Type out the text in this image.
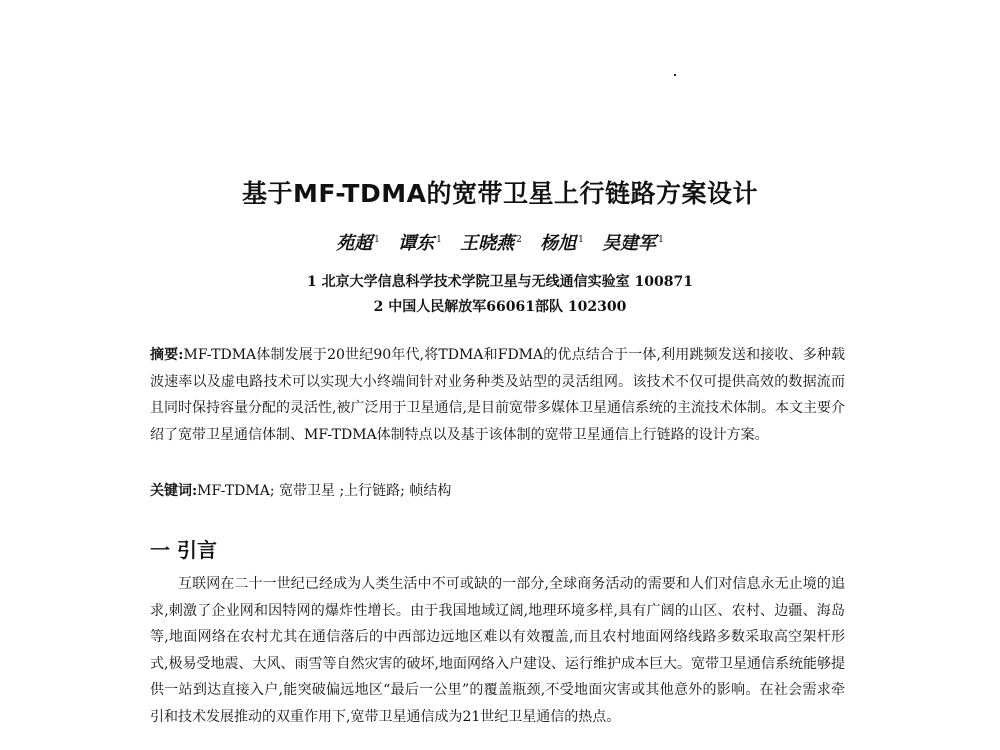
基于MF-TDMA的宽带卫星上行链路方案设计
苑超 $^1$ 谭东 $^1$ 王晓燕 $^2$ 杨旭 $^1$ 吴建军 $^1$
1 北京大学信息科学技术学院卫星与无线通信实验室 100871
2 中国人民解放军66061部队 102300
摘要:MF-TDMA体制发展于20世纪90年代,将TDMA和FDMA的优点结合于一体,利用跳频发送和接收、多种载波速率以及虚电路技术可以实现大小终端间针对业务种类及站型的灵活组网。该技术不仅可提供高效的数据流而且同时保持容量分配的灵活性,被广泛用于卫星通信,是目前宽带多媒体卫星通信系统的主流技术体制。本文主要介绍了宽带卫星通信体制、MF-TDMA体制特点以及基于该体制的宽带卫星通信上行链路的设计方案。
关键词:MF-TDMA; 宽带卫星 ;上行链路; 帧结构
一 引言
互联网在二十一世纪已经成为人类生活中不可或缺的一部分,全球商务活动的需要和人们对信息永无止境的追求,刺激了企业网和因特网的爆炸性增长。由于我国地域辽阔,地理环境多样,具有广阔的山区、农村、边疆、海岛等,地面网络在农村尤其在通信落后的中西部边远地区难以有效覆盖,而且农村地面网络线路多数采取高空架杆形式,极易受地震、大风、雨雪等自然灾害的破坏,地面网络入户建设、运行维护成本巨大。宽带卫星通信系统能够提供一站到达直接入户,能突破偏远地区“最后一公里”的覆盖瓶颈,不受地面灾害或其他意外的影响。在社会需求牵引和技术发展推动的双重作用下,宽带卫星通信成为21世纪卫星通信的热点。
